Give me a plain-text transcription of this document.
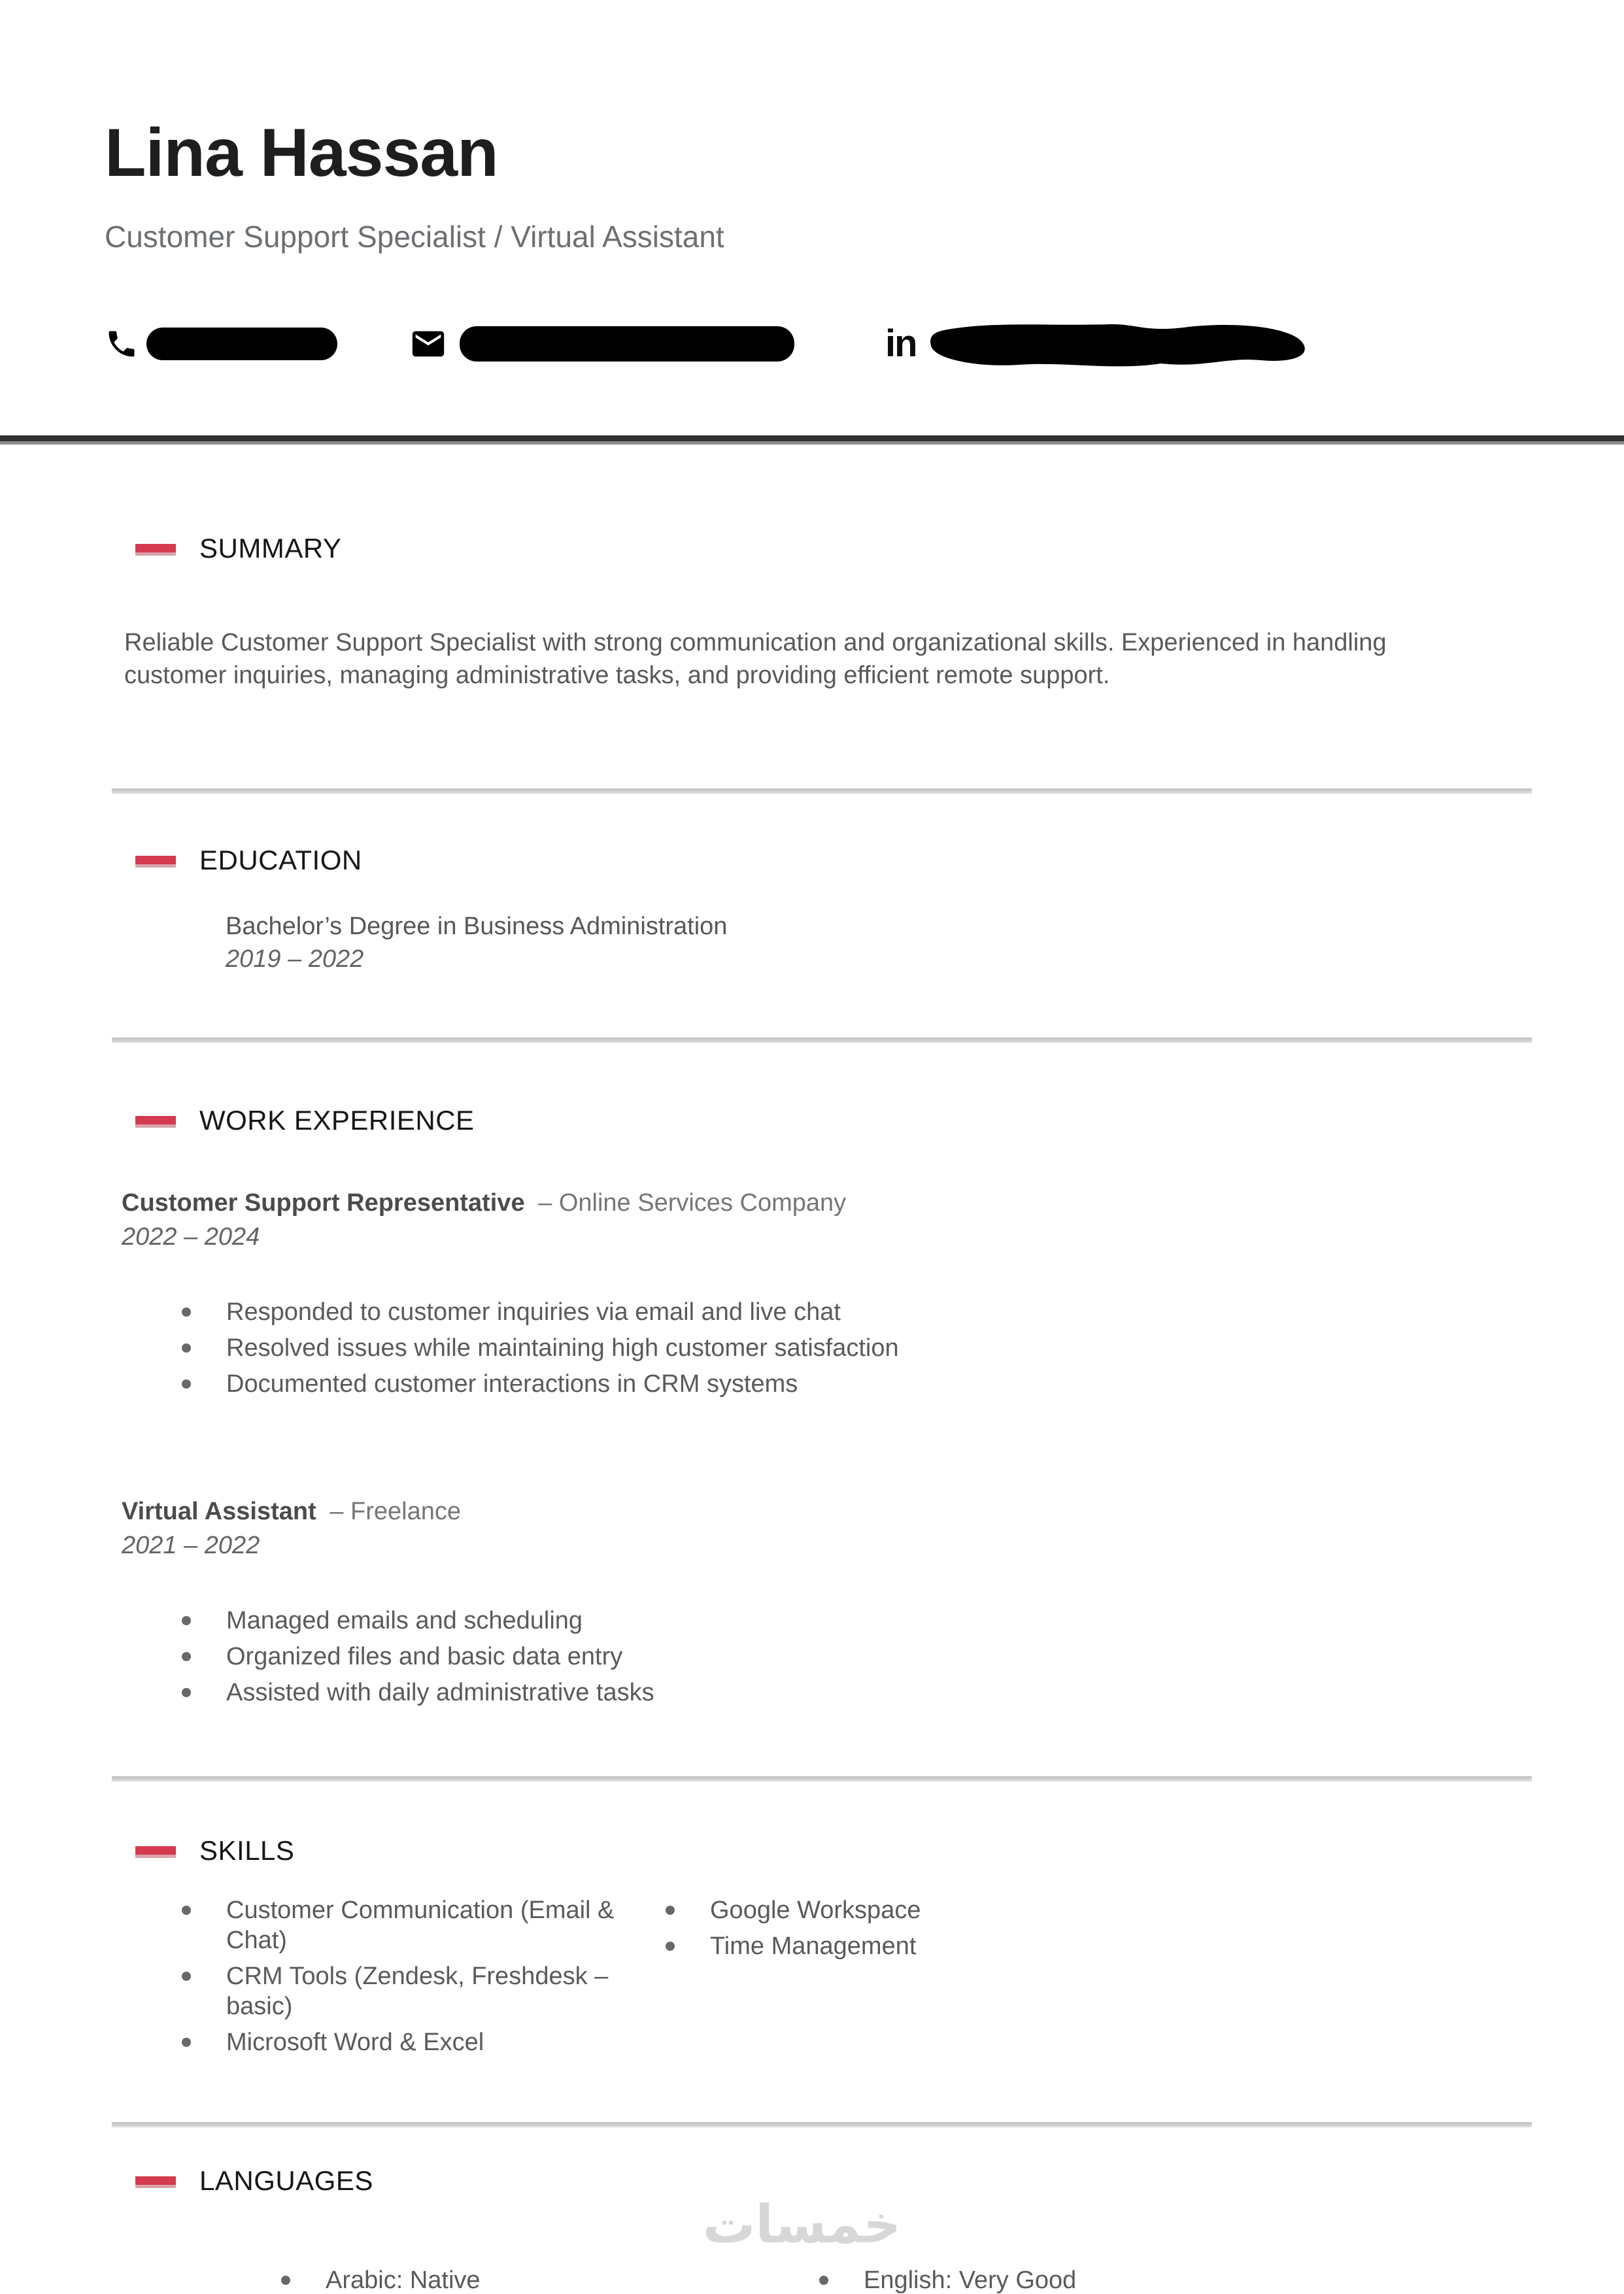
Lina Hassan
Customer Support Specialist / Virtual Assistant
in
SUMMARY

Reliable Customer Support Specialist with strong communication and organizational skills. Experienced in handling customer inquiries, managing administrative tasks, and providing efficient remote support.

EDUCATION
Bachelor’s Degree in Business Administration
2019 – 2022
WORK EXPERIENCE
Customer Support Representative – Online Services Company
2022 – 2024
Responded to customer inquiries via email and live chat
Resolved issues while maintaining high customer satisfaction
Documented customer interactions in CRM systems
Virtual Assistant – Freelance
2021 – 2022
Managed emails and scheduling
Organized files and basic data entry
Assisted with daily administrative tasks
SKILLS
Customer Communication (Email & Chat)
CRM Tools (Zendesk, Freshdesk – basic)
Microsoft Word & Excel
Google Workspace
Time Management
LANGUAGES
Arabic: Native	English: Very Good
خمسات
